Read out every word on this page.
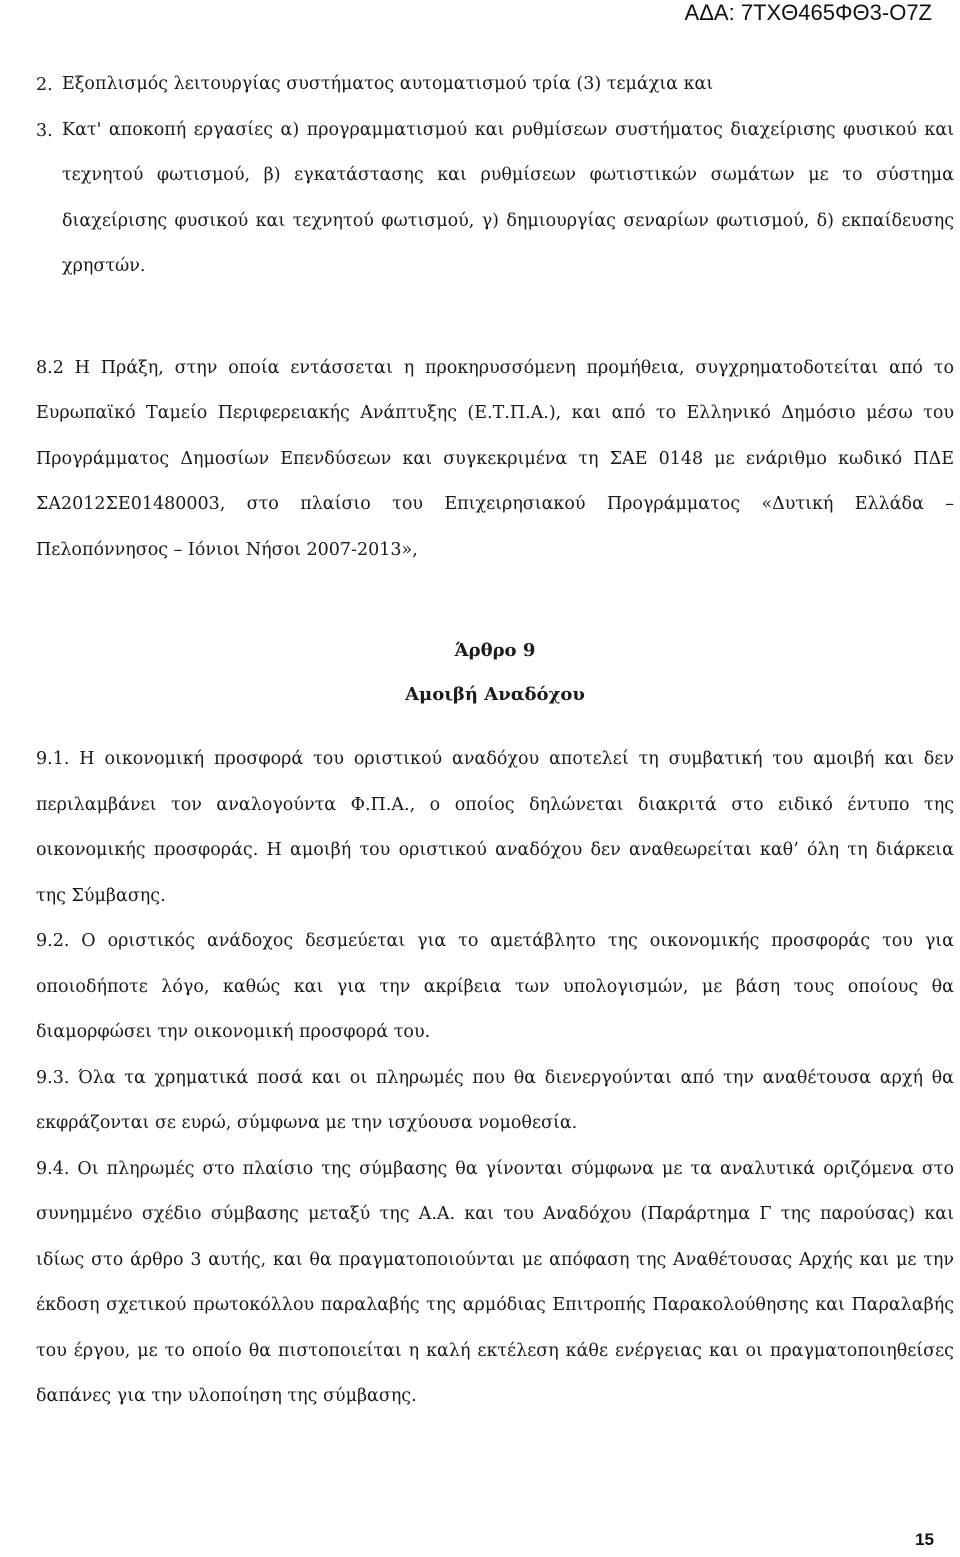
ΑΔΑ: 7ΤΧΘ465ΦΘ3-Ο7Ζ
2. Εξοπλισμός λειτουργίας συστήματος αυτοματισμού τρία (3) τεμάχια και
3. Κατ' αποκοπή εργασίες α) προγραμματισμού και ρυθμίσεων συστήματος διαχείρισης φυσικού και τεχνητού φωτισμού, β) εγκατάστασης και ρυθμίσεων φωτιστικών σωμάτων με το σύστημα διαχείρισης φυσικού και τεχνητού φωτισμού, γ) δημιουργίας σεναρίων φωτισμού, δ) εκπαίδευσης χρηστών.
8.2 Η Πράξη, στην οποία εντάσσεται η προκηρυσσόμενη προμήθεια, συγχρηματοδοτείται από το Ευρωπαϊκό Ταμείο Περιφερειακής Ανάπτυξης (Ε.Τ.Π.Α.), και από το Ελληνικό Δημόσιο μέσω του Προγράμματος Δημοσίων Επενδύσεων και συγκεκριμένα τη ΣΑΕ 0148 με ενάριθμο κωδικό ΠΔΕ ΣΑ2012ΣΕ01480003, στο πλαίσιο του Επιχειρησιακού Προγράμματος «Δυτική Ελλάδα – Πελοπόννησος – Ιόνιοι Νήσοι 2007-2013»,
Άρθρο 9
Αμοιβή Αναδόχου
9.1. Η οικονομική προσφορά του οριστικού αναδόχου αποτελεί τη συμβατική του αμοιβή και δεν περιλαμβάνει τον αναλογούντα Φ.Π.Α., ο οποίος δηλώνεται διακριτά στο ειδικό έντυπο της οικονομικής προσφοράς. Η αμοιβή του οριστικού αναδόχου δεν αναθεωρείται καθ’ όλη τη διάρκεια της Σύμβασης.
9.2. Ο οριστικός ανάδοχος δεσμεύεται για το αμετάβλητο της οικονομικής προσφοράς του για οποιοδήποτε λόγο, καθώς και για την ακρίβεια των υπολογισμών, με βάση τους οποίους θα διαμορφώσει την οικονομική προσφορά του.
9.3. Όλα τα χρηματικά ποσά και οι πληρωμές που θα διενεργούνται από την αναθέτουσα αρχή θα εκφράζονται σε ευρώ, σύμφωνα με την ισχύουσα νομοθεσία.
9.4. Οι πληρωμές στο πλαίσιο της σύμβασης θα γίνονται σύμφωνα με τα αναλυτικά οριζόμενα στο συνημμένο σχέδιο σύμβασης μεταξύ της Α.Α. και του Αναδόχου (Παράρτημα Γ της παρούσας) και ιδίως στο άρθρο 3 αυτής, και θα πραγματοποιούνται με απόφαση της Αναθέτουσας Αρχής και με την έκδοση σχετικού πρωτοκόλλου παραλαβής της αρμόδιας Επιτροπής Παρακολούθησης και Παραλαβής του έργου, με το οποίο θα πιστοποιείται η καλή εκτέλεση κάθε ενέργειας και οι πραγματοποιηθείσες δαπάνες για την υλοποίηση της σύμβασης.
15
